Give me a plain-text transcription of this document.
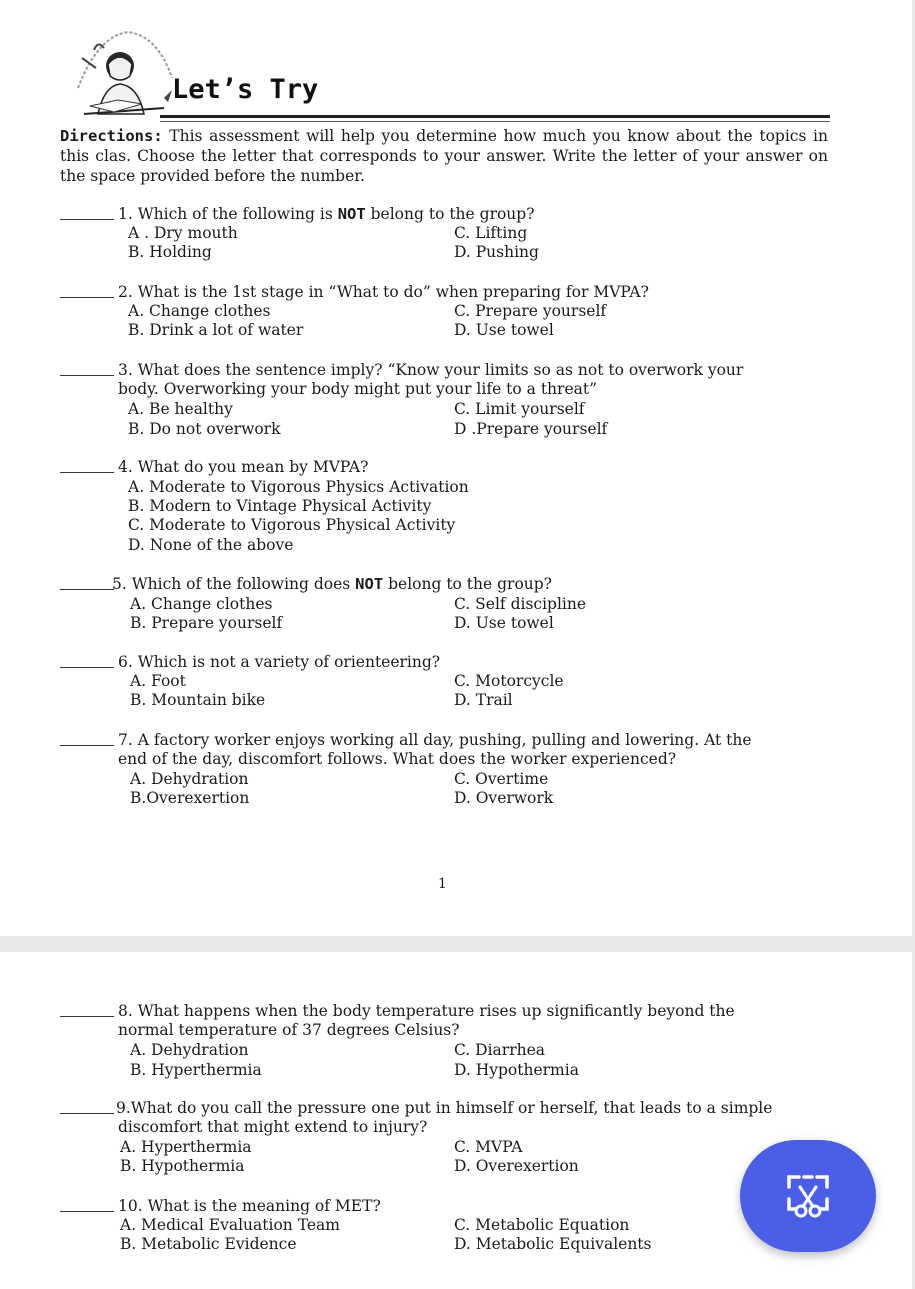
Let’s Try
Directions: This assessment will help you determine how much you know about the topics in this clas. Choose the letter that corresponds to your answer. Write the letter of your answer on the space provided before the number.
1. Which of the following is NOT belong to the group?
A . Dry mouth
B. Holding
C. Lifting
D. Pushing
2. What is the 1st stage in “What to do” when preparing for MVPA?
A. Change clothes
B. Drink a lot of water
C. Prepare yourself
D. Use towel
3. What does the sentence imply? “Know your limits so as not to overwork your
body. Overworking your body might put your life to a threat”
A. Be healthy
B. Do not overwork
C. Limit yourself
D .Prepare yourself
4. What do you mean by MVPA?
A. Moderate to Vigorous Physics Activation
B. Modern to Vintage Physical Activity
C. Moderate to Vigorous Physical Activity
D. None of the above
5. Which of the following does NOT belong to the group?
A. Change clothes
B. Prepare yourself
C. Self discipline
D. Use towel
6. Which is not a variety of orienteering?
A. Foot
B. Mountain bike
C. Motorcycle
D. Trail
7. A factory worker enjoys working all day, pushing, pulling and lowering. At the
end of the day, discomfort follows. What does the worker experienced?
A. Dehydration
B.Overexertion
C. Overtime
D. Overwork
1
8. What happens when the body temperature rises up significantly beyond the
normal temperature of 37 degrees Celsius?
A. Dehydration
B. Hyperthermia
C. Diarrhea
D. Hypothermia
9.What do you call the pressure one put in himself or herself, that leads to a simple
discomfort that might extend to injury?
A. Hyperthermia
B. Hypothermia
C. MVPA
D. Overexertion
10. What is the meaning of MET?
A. Medical Evaluation Team
B. Metabolic Evidence
C. Metabolic Equation
D. Metabolic Equivalents
